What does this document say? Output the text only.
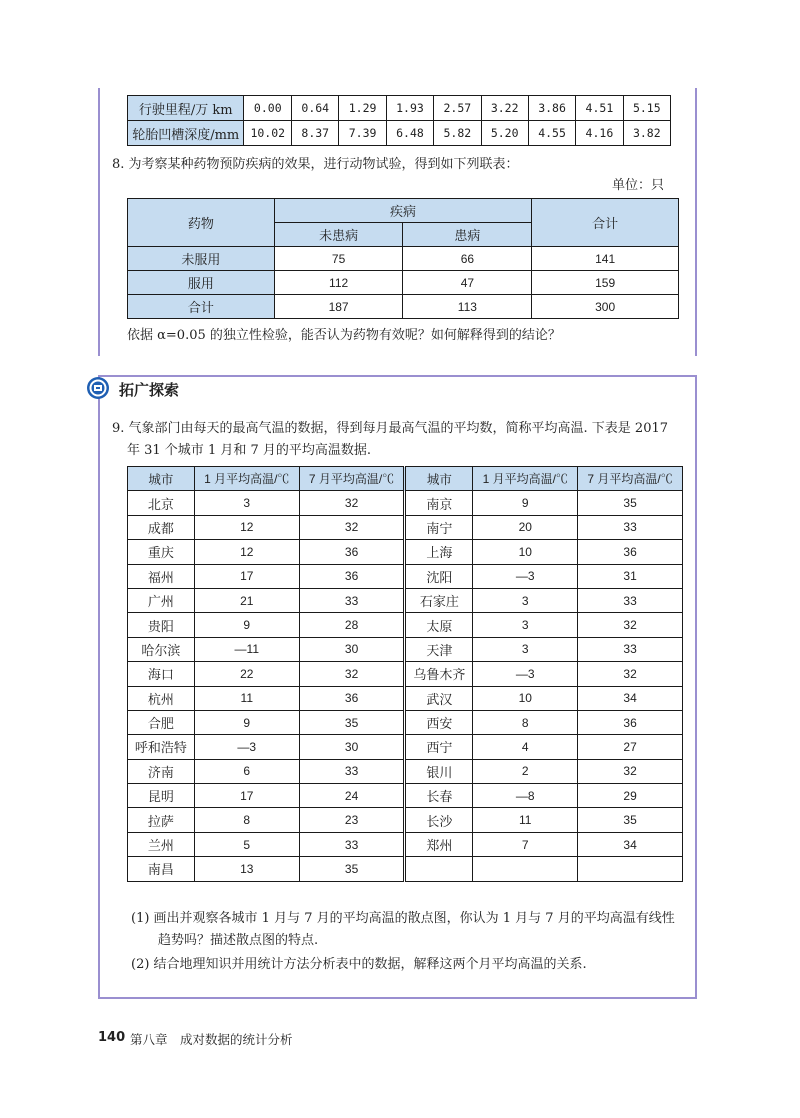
行驶里程/万 km	0.00	0.64	1.29	1.93	2.57	3.22	3.86	4.51	5.15
轮胎凹槽深度/mm	10.02	8.37	7.39	6.48	5.82	5.20	4.55	4.16	3.82
8. 为考察某种药物预防疾病的效果，进行动物试验，得到如下列联表：
单位：只
药物	疾病		合计
	未患病	患病	
未服用	75	66	141
服用	112	47	159
合计	187	113	300
依据 α=0.05 的独立性检验，能否认为药物有效呢？如何解释得到的结论？
拓广探索
9. 气象部门由每天的最高气温的数据，得到每月最高气温的平均数，简称平均高温. 下表是 2017
年 31 个城市 1 月和 7 月的平均高温数据.
城市	1 月平均高温/℃	7 月平均高温/℃	城市	1 月平均高温/℃	7 月平均高温/℃
北京	3	32	南京	9	35
成都	12	32	南宁	20	33
重庆	12	36	上海	10	36
福州	17	36	沈阳	—3	31
广州	21	33	石家庄	3	33
贵阳	9	28	太原	3	32
哈尔滨	—11	30	天津	3	33
海口	22	32	乌鲁木齐	—3	32
杭州	11	36	武汉	10	34
合肥	9	35	西安	8	36
呼和浩特	—3	30	西宁	4	27
济南	6	33	银川	2	32
昆明	17	24	长春	—8	29
拉萨	8	23	长沙	11	35
兰州	5	33	郑州	7	34
南昌	13	35			
(1) 画出并观察各城市 1 月与 7 月的平均高温的散点图，你认为 1 月与 7 月的平均高温有线性
趋势吗？描述散点图的特点.
(2) 结合地理知识并用统计方法分析表中的数据，解释这两个月平均高温的关系.
140 第八章　成对数据的统计分析
